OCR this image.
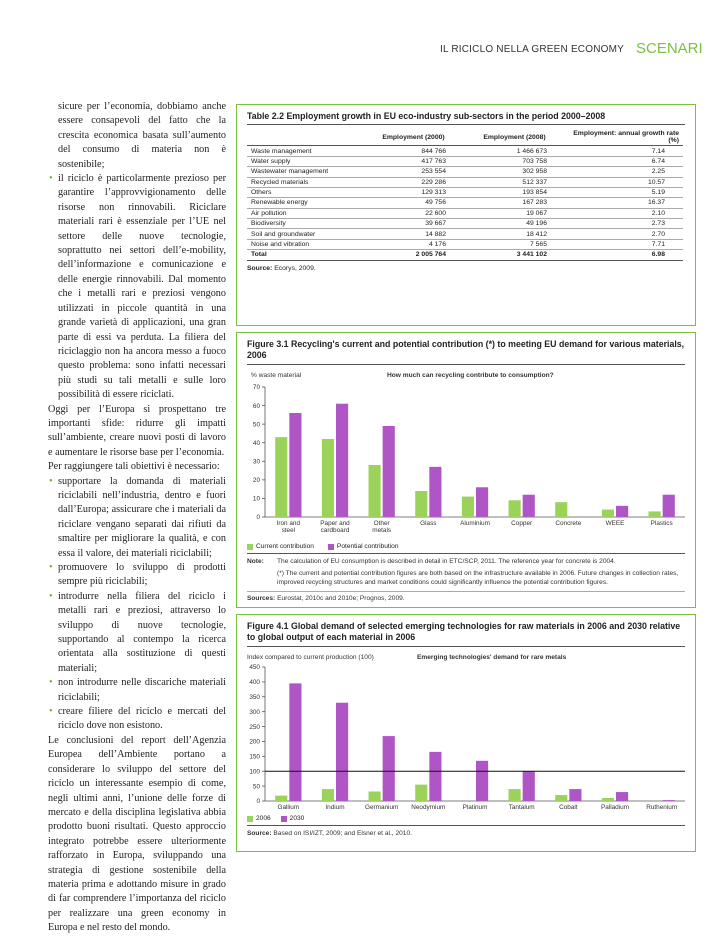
IL RICICLO NELLA GREEN ECONOMY SCENARI

sicure per l’economia, dobbiamo anche essere consapevoli del fatto che la crescita economica basata sull’aumento del consumo di materia non è sostenibile;

• il riciclo è particolarmente prezioso per garantire l’approvvigionamento delle risorse non rinnovabili. Riciclare materiali rari è essenziale per l’UE nel settore delle nuove tecnologie, soprattutto nei settori dell’e-mobility, dell’informazione e comunicazione e delle energie rinnovabili. Dal momento che i metalli rari e preziosi vengono utilizzati in piccole quantità in una grande varietà di applicazioni, una gran parte di essi va perduta. La filiera del riciclaggio non ha ancora messo a fuoco questo problema: sono infatti necessari più studi su tali metalli e sulle loro possibilità di essere riciclati.

Oggi per l’Europa si prospettano tre importanti sfide: ridurre gli impatti sull’ambiente, creare nuovi posti di lavoro e aumentare le risorse base per l’economia.

Per raggiungere tali obiettivi è necessario:

• supportare la domanda di materiali riciclabili nell’industria, dentro e fuori dall’Europa; assicurare che i materiali da riciclare vengano separati dai rifiuti da smaltire per migliorare la qualità, e con essa il valore, dei materiali riciclabili;
• promuovere lo sviluppo di prodotti sempre più riciclabili;
• introdurre nella filiera del riciclo i metalli rari e preziosi, attraverso lo sviluppo di nuove tecnologie, supportando al contempo la ricerca orientata alla sostituzione di questi materiali;
• non introdurre nelle discariche materiali riciclabili;
• creare filiere del riciclo e mercati del riciclo dove non esistono.

Le conclusioni del report dell’Agenzia Europea dell’Ambiente portano a considerare lo sviluppo del settore del riciclo un interessante esempio di come, negli ultimi anni, l’unione delle forze di mercato e della disciplina legislativa abbia prodotto buoni risultati. Questo approccio integrato potrebbe essere ulteriormente rafforzato in Europa, sviluppando una strategia di gestione sostenibile della materia prima e adottando misure in grado di far comprendere l’importanza del riciclo per realizzare una green economy in Europa e nel resto del mondo.

Table 2.2 Employment growth in EU eco-industry sub-sectors in the period 2000–2008
	Employment (2000)	Employment (2008)	Employment: annual growth rate (%)
Waste management	844 766	1 466 673	7.14
Water supply	417 763	703 758	6.74
Wastewater management	253 554	302 958	2.25
Recycled materials	229 286	512 337	10.57
Others	129 313	193 854	5.19
Renewable energy	49 756	167 283	16.37
Air pollution	22 600	19 067	2.10
Biodiversity	39 667	49 196	2.73
Soil and groundwater	14 882	18 412	2.70
Noise and vibration	4 176	7 565	7.71
Total	2 005 764	3 441 102	6.98
Source: Ecorys, 2009.
Figure 3.1 Recycling's current and potential contribution (*) to meeting EU demand for various materials, 2006
% waste material	How much can recycling contribute to consumption?
0
10
20
30
40
50
60
70
Iron and steel
Paper and cardboard
Other metals
Glass	Aluminium	Copper	Concrete	WEEE	Plastics
Current contribution	Potential contribution
Note:	The calculation of EU consumption is described in detail in ETC/SCP, 2011. The reference year for concrete is 2004.
(*) The current and potential contribution figures are both based on the infrastructure available in 2006. Future changes in collection rates, improved recycling structures and market conditions could significantly influence the potential contribution figures.
Sources: Eurostat, 2010c and 2010e; Prognos, 2009.
Figure 4.1 Global demand of selected emerging technologies for raw materials in 2006 and 2030 relative to global output of each material in 2006
Index compared to current production (100)	Emerging technologies' demand for rare metals
0
50
100
150
200
250
300
350
400
450
Gallium	Indium	Germanium Neodymium	Platinum	Tantalum	Cobalt	Palladium	Ruthenium
2006	2030
Source: Based on ISI/IZT, 2009; and Elsner et al., 2010.
